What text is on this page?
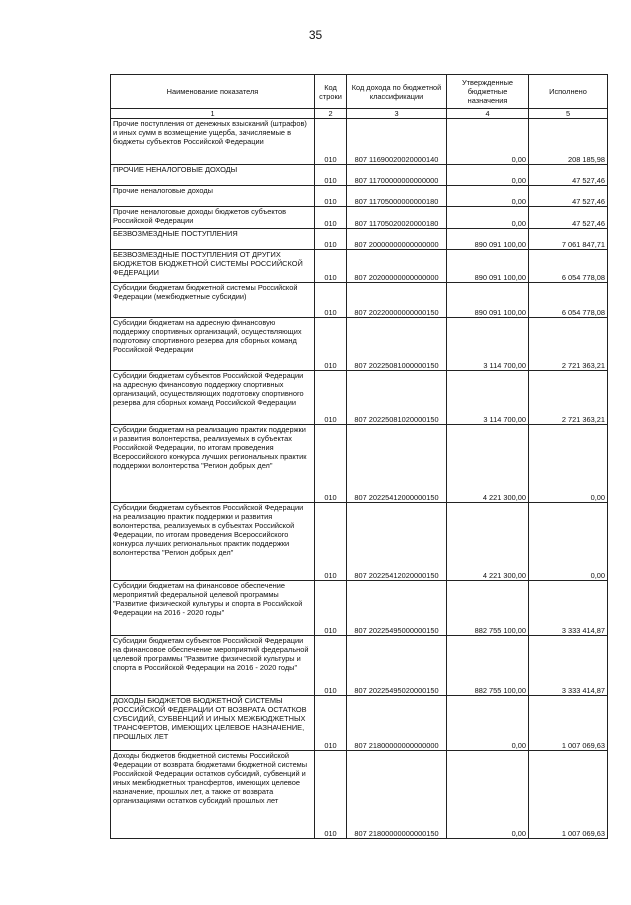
35
Наименование показателя	Код строки	Код дохода по бюджетной классификации	Утвержденные бюджетные назначения	Исполнено
1	2	3	4	5
Прочие поступления от денежных взысканий (штрафов) и иных сумм в возмещение ущерба, зачисляемые в бюджеты субъектов Российской Федерации	010	807 11690020020000140	0,00	208 185,98
ПРОЧИЕ НЕНАЛОГОВЫЕ ДОХОДЫ	010	807 11700000000000000	0,00	47 527,46
Прочие неналоговые доходы	010	807 11705000000000180	0,00	47 527,46
Прочие неналоговые доходы бюджетов субъектов Российской Федерации	010	807 11705020020000180	0,00	47 527,46
БЕЗВОЗМЕЗДНЫЕ ПОСТУПЛЕНИЯ	010	807 20000000000000000	890 091 100,00	7 061 847,71
БЕЗВОЗМЕЗДНЫЕ ПОСТУПЛЕНИЯ ОТ ДРУГИХ БЮДЖЕТОВ БЮДЖЕТНОЙ СИСТЕМЫ РОССИЙСКОЙ ФЕДЕРАЦИИ	010	807 20200000000000000	890 091 100,00	6 054 778,08
Субсидии бюджетам бюджетной системы Российской Федерации (межбюджетные субсидии)	010	807 20220000000000150	890 091 100,00	6 054 778,08
Субсидии бюджетам на адресную финансовую поддержку спортивных организаций, осуществляющих подготовку спортивного резерва для сборных команд Российской Федерации	010	807 20225081000000150	3 114 700,00	2 721 363,21
Субсидии бюджетам субъектов Российской Федерации на адресную финансовую поддержку спортивных организаций, осуществляющих подготовку спортивного резерва для сборных команд Российской Федерации	010	807 20225081020000150	3 114 700,00	2 721 363,21
Субсидии бюджетам на реализацию практик поддержки и развития волонтерства, реализуемых в субъектах Российской Федерации, по итогам проведения Всероссийского конкурса лучших региональных практик поддержки волонтерства "Регион добрых дел"	010	807 20225412000000150	4 221 300,00	0,00
Субсидии бюджетам субъектов Российской Федерации на реализацию практик поддержки и развития волонтерства, реализуемых в субъектах Российской Федерации, по итогам проведения Всероссийского конкурса лучших региональных практик поддержки волонтерства "Регион добрых дел"	010	807 20225412020000150	4 221 300,00	0,00
Субсидии бюджетам на финансовое обеспечение мероприятий федеральной целевой программы "Развитие физической культуры и спорта в Российской Федерации на 2016 - 2020 годы"	010	807 20225495000000150	882 755 100,00	3 333 414,87
Субсидии бюджетам субъектов Российской Федерации на финансовое обеспечение мероприятий федеральной целевой программы "Развитие физической культуры и спорта в Российской Федерации на 2016 - 2020 годы"	010	807 20225495020000150	882 755 100,00	3 333 414,87
ДОХОДЫ БЮДЖЕТОВ БЮДЖЕТНОЙ СИСТЕМЫ РОССИЙСКОЙ ФЕДЕРАЦИИ ОТ ВОЗВРАТА ОСТАТКОВ СУБСИДИЙ, СУБВЕНЦИЙ И ИНЫХ МЕЖБЮДЖЕТНЫХ ТРАНСФЕРТОВ, ИМЕЮЩИХ ЦЕЛЕВОЕ НАЗНАЧЕНИЕ, ПРОШЛЫХ ЛЕТ	010	807 21800000000000000	0,00	1 007 069,63
Доходы бюджетов бюджетной системы Российской Федерации от возврата бюджетами бюджетной системы Российской Федерации остатков субсидий, субвенций и иных межбюджетных трансфертов, имеющих целевое назначение, прошлых лет, а также от возврата организациями остатков субсидий прошлых лет	010	807 21800000000000150	0,00	1 007 069,63
